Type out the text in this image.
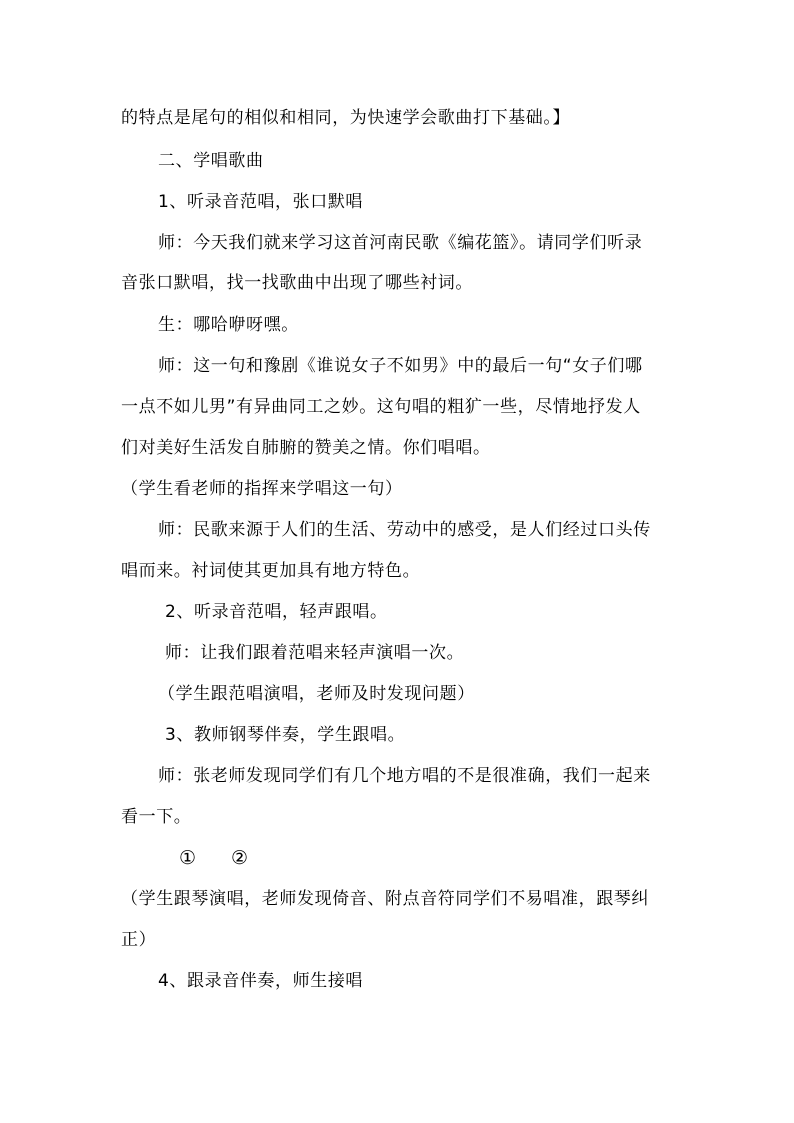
的特点是尾句的相似和相同，为快速学会歌曲打下基础。】
二、学唱歌曲
1、听录音范唱，张口默唱
师：今天我们就来学习这首河南民歌《编花篮》。请同学们听录
音张口默唱，找一找歌曲中出现了哪些衬词。
生：哪哈咿呀嘿。
师：这一句和豫剧《谁说女子不如男》中的最后一句“女子们哪
一点不如儿男”有异曲同工之妙。这句唱的粗犷一些，尽情地抒发人
们对美好生活发自肺腑的赞美之情。你们唱唱。
（学生看老师的指挥来学唱这一句）
师：民歌来源于人们的生活、劳动中的感受，是人们经过口头传
唱而来。衬词使其更加具有地方特色。
2、听录音范唱，轻声跟唱。
师：让我们跟着范唱来轻声演唱一次。
（学生跟范唱演唱，老师及时发现问题）
3、教师钢琴伴奏，学生跟唱。
师：张老师发现同学们有几个地方唱的不是很准确，我们一起来
看一下。
① ②
（学生跟琴演唱，老师发现倚音、附点音符同学们不易唱准，跟琴纠
正）
4、跟录音伴奏，师生接唱
